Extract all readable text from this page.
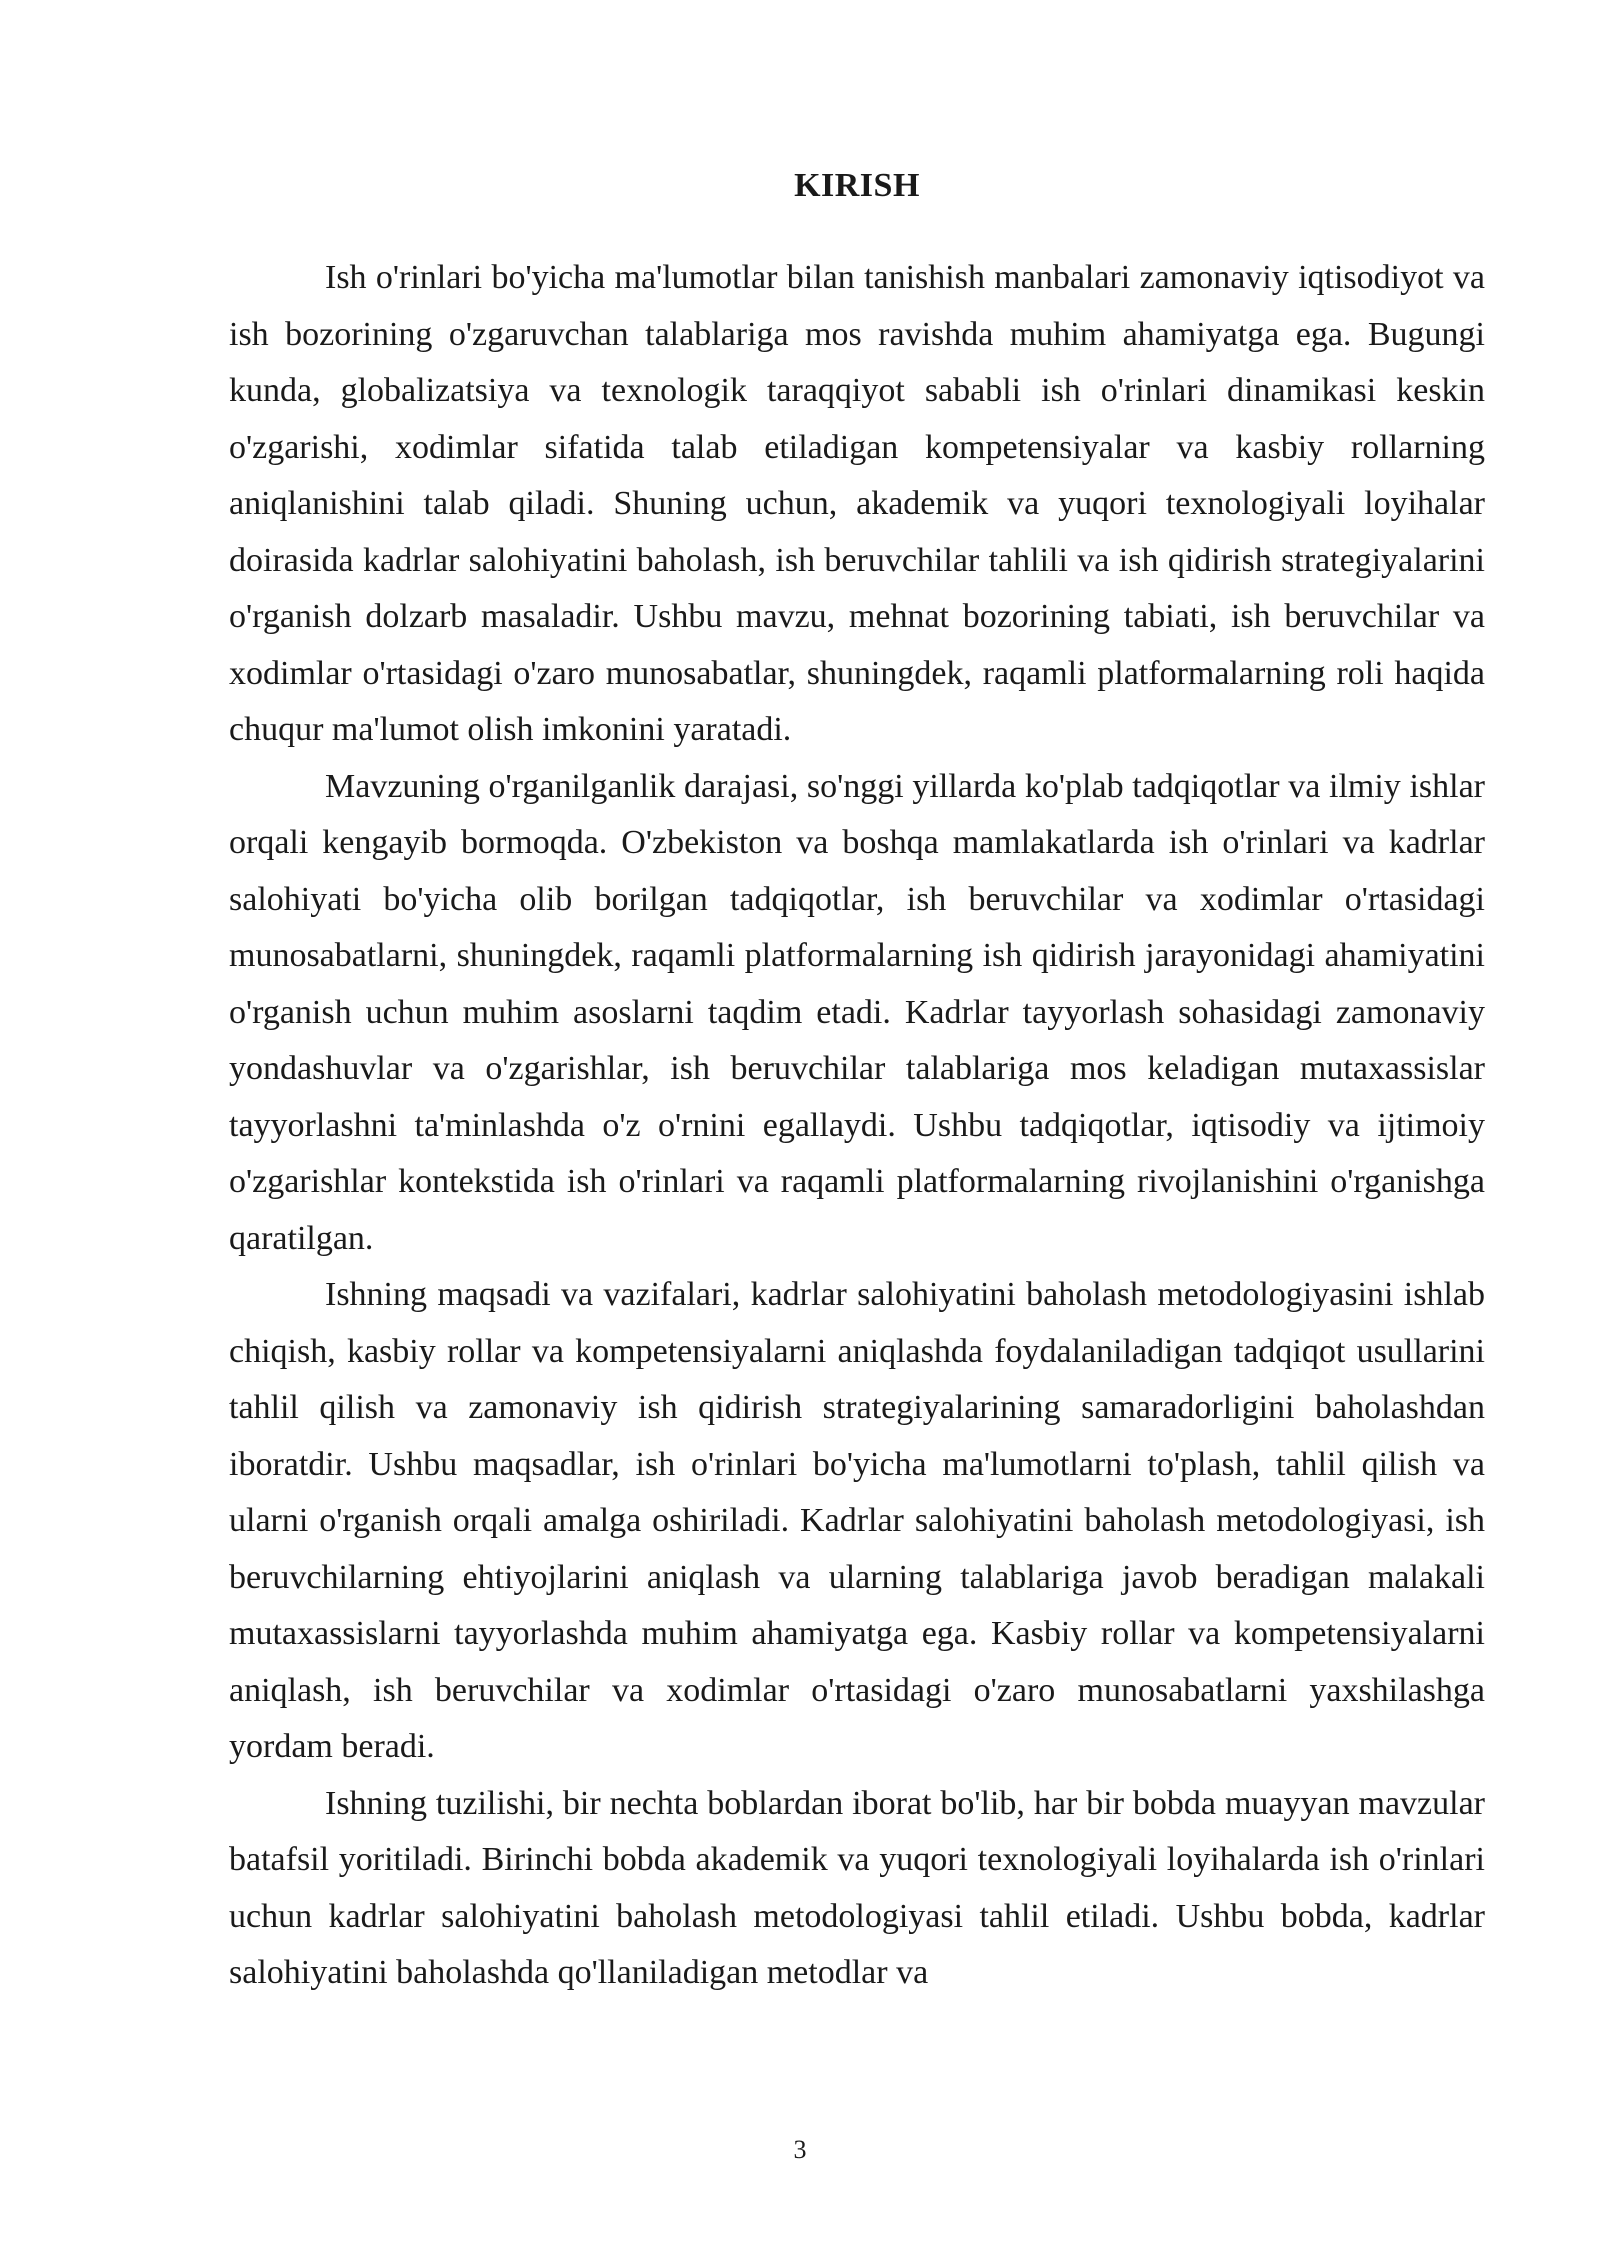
KIRISH

Ish o'rinlari bo'yicha ma'lumotlar bilan tanishish manbalari zamonaviy iqtisodiyot va ish bozorining o'zgaruvchan talablariga mos ravishda muhim ahamiyatga ega. Bugungi kunda, globalizatsiya va texnologik taraqqiyot sababli ish o'rinlari dinamikasi keskin o'zgarishi, xodimlar sifatida talab etiladigan kompetensiyalar va kasbiy rollarning aniqlanishini talab qiladi. Shuning uchun, akademik va yuqori texnologiyali loyihalar doirasida kadrlar salohiyatini baholash, ish beruvchilar tahlili va ish qidirish strategiyalarini o'rganish dolzarb masaladir. Ushbu mavzu, mehnat bozorining tabiati, ish beruvchilar va xodimlar o'rtasidagi o'zaro munosabatlar, shuningdek, raqamli platformalarning roli haqida chuqur ma'lumot olish imkonini yaratadi.

Mavzuning o'rganilganlik darajasi, so'nggi yillarda ko'plab tadqiqotlar va ilmiy ishlar orqali kengayib bormoqda. O'zbekiston va boshqa mamlakatlarda ish o'rinlari va kadrlar salohiyati bo'yicha olib borilgan tadqiqotlar, ish beruvchilar va xodimlar o'rtasidagi munosabatlarni, shuningdek, raqamli platformalarning ish qidirish jarayonidagi ahamiyatini o'rganish uchun muhim asoslarni taqdim etadi. Kadrlar tayyorlash sohasidagi zamonaviy yondashuvlar va o'zgarishlar, ish beruvchilar talablariga mos keladigan mutaxassislar tayyorlashni ta'minlashda o'z o'rnini egallaydi. Ushbu tadqiqotlar, iqtisodiy va ijtimoiy o'zgarishlar kontekstida ish o'rinlari va raqamli platformalarning rivojlanishini o'rganishga qaratilgan.

Ishning maqsadi va vazifalari, kadrlar salohiyatini baholash metodologiyasini ishlab chiqish, kasbiy rollar va kompetensiyalarni aniqlashda foydalaniladigan tadqiqot usullarini tahlil qilish va zamonaviy ish qidirish strategiyalarining samaradorligini baholashdan iboratdir. Ushbu maqsadlar, ish o'rinlari bo'yicha ma'lumotlarni to'plash, tahlil qilish va ularni o'rganish orqali amalga oshiriladi. Kadrlar salohiyatini baholash metodologiyasi, ish beruvchilarning ehtiyojlarini aniqlash va ularning talablariga javob beradigan malakali mutaxassislarni tayyorlashda muhim ahamiyatga ega. Kasbiy rollar va kompetensiyalarni aniqlash, ish beruvchilar va xodimlar o'rtasidagi o'zaro munosabatlarni yaxshilashga yordam beradi.

Ishning tuzilishi, bir nechta boblardan iborat bo'lib, har bir bobda muayyan mavzular batafsil yoritiladi. Birinchi bobda akademik va yuqori texnologiyali loyihalarda ish o'rinlari uchun kadrlar salohiyatini baholash metodologiyasi tahlil etiladi. Ushbu bobda, kadrlar salohiyatini baholashda qo'llaniladigan metodlar va

3
